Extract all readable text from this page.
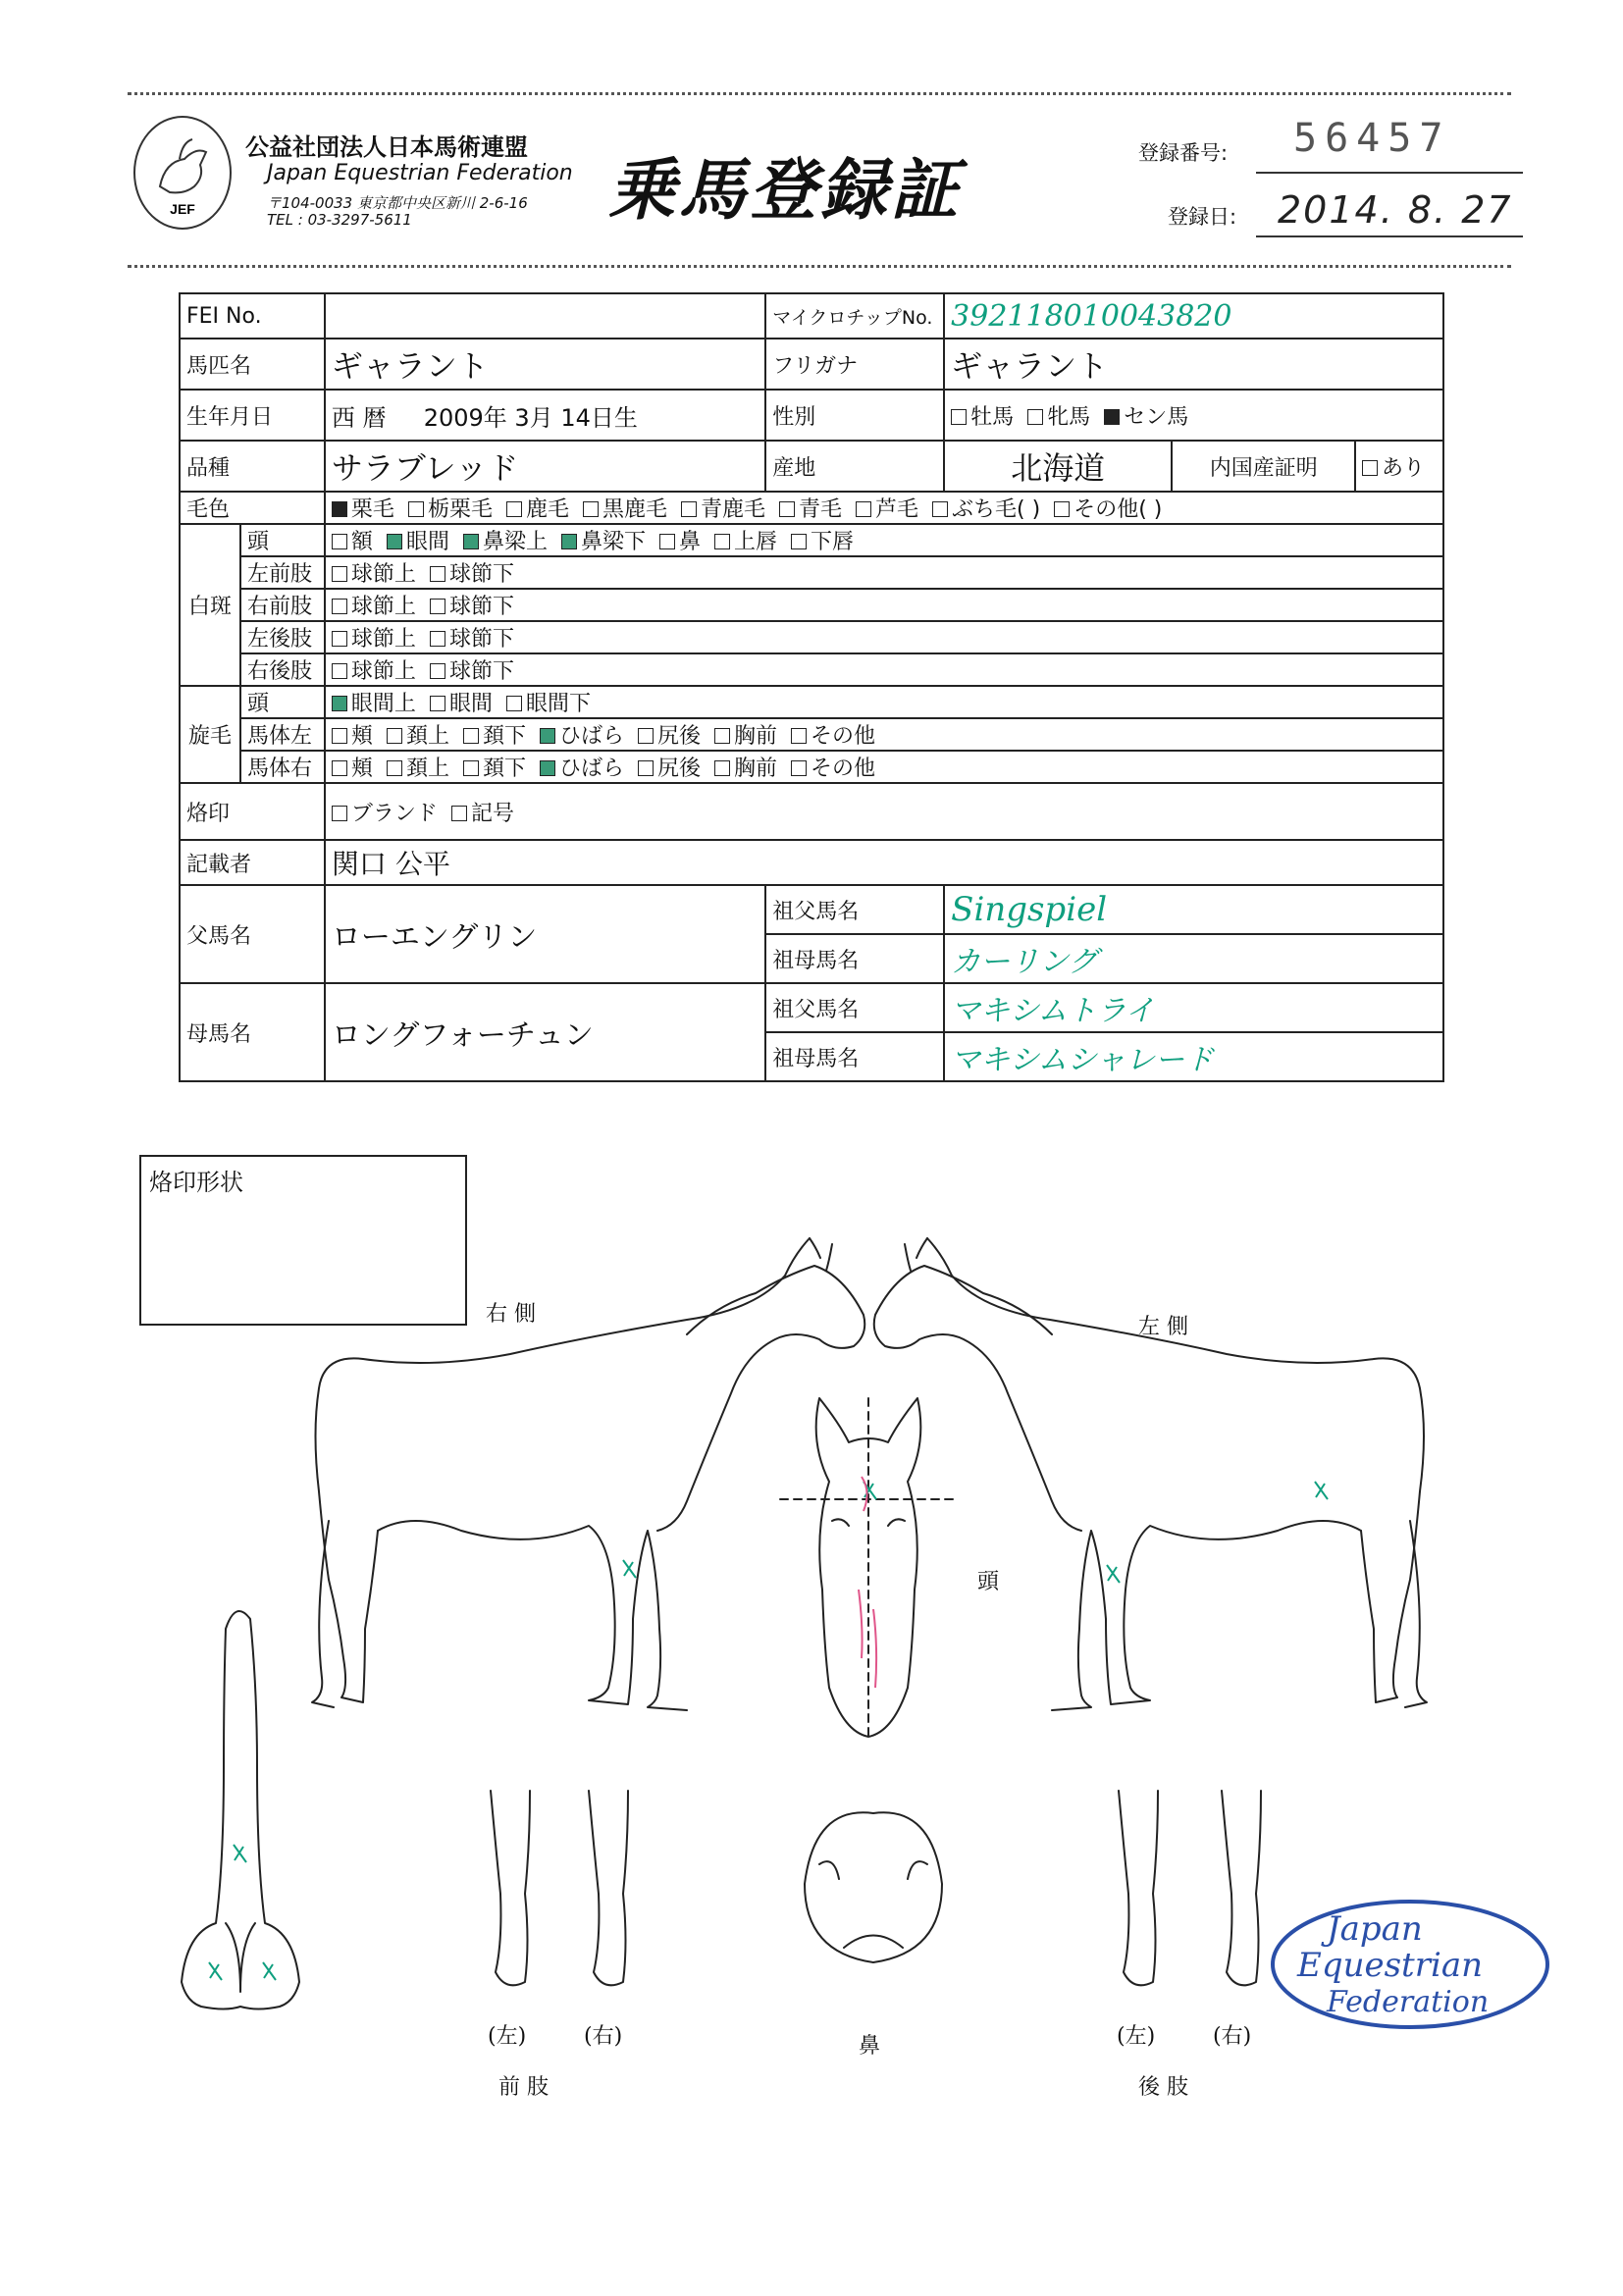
JEF
公益社団法人日本馬術連盟
Japan Equestrian Federation
〒104-0033 東京都中央区新川 2-6-16
TEL : 03-3297-5611	乗馬登録証	登録番号: 56457
登録日: 2014. 8. 27
FEI No.			マイクロチップNo.	392118010043820		
馬匹名		ギャラント	フリガナ	ギャラント		
生年月日		西 暦 2009年 3月 14日生	性別	牡馬 牝馬 セン馬		
品種		サラブレッド	産地	北海道	内国産証明	あり
毛色		栗毛 栃栗毛 鹿毛 黒鹿毛 青鹿毛 青毛 芦毛 ぶち毛( ) その他( )				
白斑	頭	額 眼間 鼻梁上 鼻梁下 鼻 上唇 下唇				
	左前肢	球節上 球節下				
	右前肢	球節上 球節下				
	左後肢	球節上 球節下				
	右後肢	球節上 球節下				
旋毛	頭	眼間上 眼間 眼間下				
	馬体左	頬 頚上 頚下 ひばら 尻後 胸前 その他				
	馬体右	頬 頚上 頚下 ひばら 尻後 胸前 その他				
烙印		ブランド 記号				
記載者		関口 公平				
父馬名		ローエングリン	祖父馬名	Singspiel		
			祖母馬名	カーリング		
母馬名		ロングフォーチュン	祖父馬名	マキシムトライ		
			祖母馬名	マキシムシャレード		
烙印形状
右 側
左 側
頭
鼻
(左)	(右)
前 肢
(左)	(右)
後 肢
Japan
Equestrian
Federation
